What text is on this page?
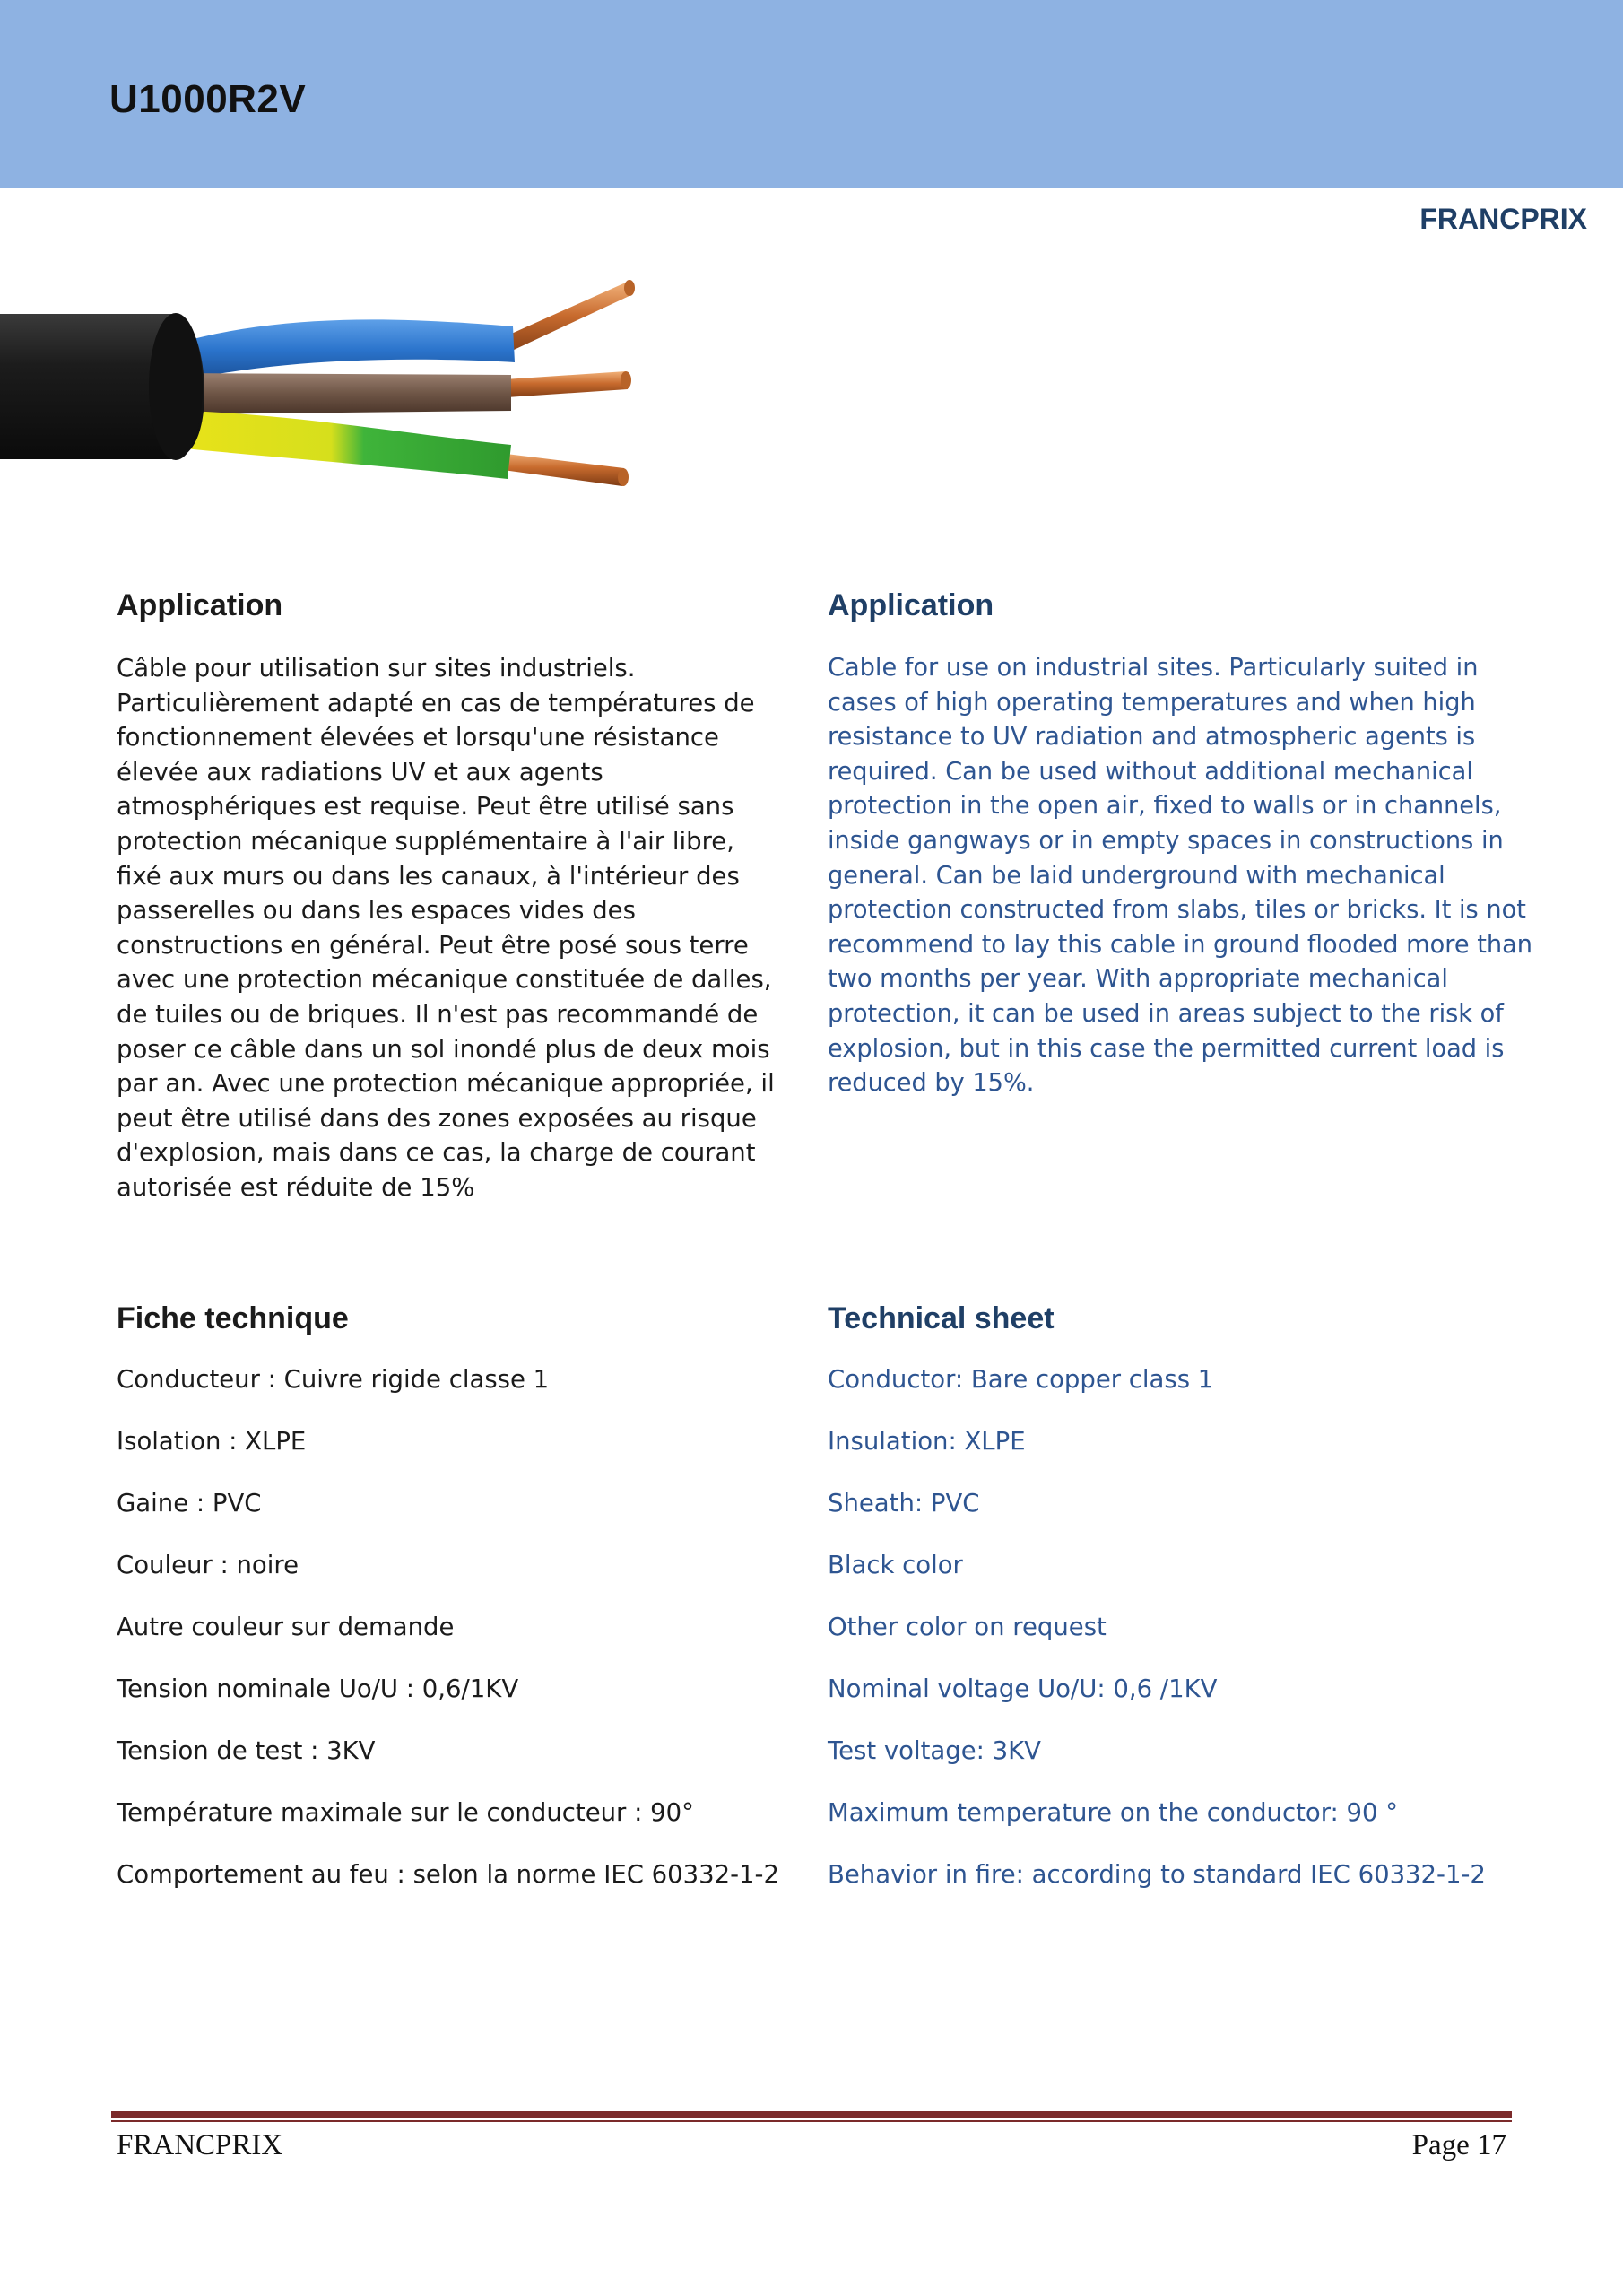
U1000R2V
FRANCPRIX
Application

Câble pour utilisation sur sites industriels. Particulièrement adapté en cas de températures de fonctionnement élevées et lorsqu'une résistance élevée aux radiations UV et aux agents atmosphériques est requise. Peut être utilisé sans protection mécanique supplémentaire à l'air libre, fixé aux murs ou dans les canaux, à l'intérieur des passerelles ou dans les espaces vides des constructions en général. Peut être posé sous terre avec une protection mécanique constituée de dalles, de tuiles ou de briques. Il n'est pas recommandé de poser ce câble dans un sol inondé plus de deux mois par an. Avec une protection mécanique appropriée, il peut être utilisé dans des zones exposées au risque d'explosion, mais dans ce cas, la charge de courant autorisée est réduite de 15%

Application

Cable for use on industrial sites. Particularly suited in cases of high operating temperatures and when high resistance to UV radiation and atmospheric agents is required. Can be used without additional mechanical protection in the open air, fixed to walls or in channels, inside gangways or in empty spaces in constructions in general. Can be laid underground with mechanical protection constructed from slabs, tiles or bricks. It is not recommend to lay this cable in ground flooded more than two months per year. With appropriate mechanical protection, it can be used in areas subject to the risk of explosion, but in this case the permitted current load is reduced by 15%.

Fiche technique
Conducteur : Cuivre rigide classe 1
Isolation : XLPE
Gaine : PVC
Couleur : noire
Autre couleur sur demande
Tension nominale Uo/U : 0,6/1KV
Tension de test : 3KV
Température maximale sur le conducteur : 90°
Comportement au feu : selon la norme IEC 60332-1-2
Technical sheet
Conductor: Bare copper class 1
Insulation: XLPE
Sheath: PVC
Black color
Other color on request
Nominal voltage Uo/U: 0,6 /1KV
Test voltage: 3KV
Maximum temperature on the conductor: 90 °
Behavior in fire: according to standard IEC 60332-1-2
FRANCPRIX	Page 17
